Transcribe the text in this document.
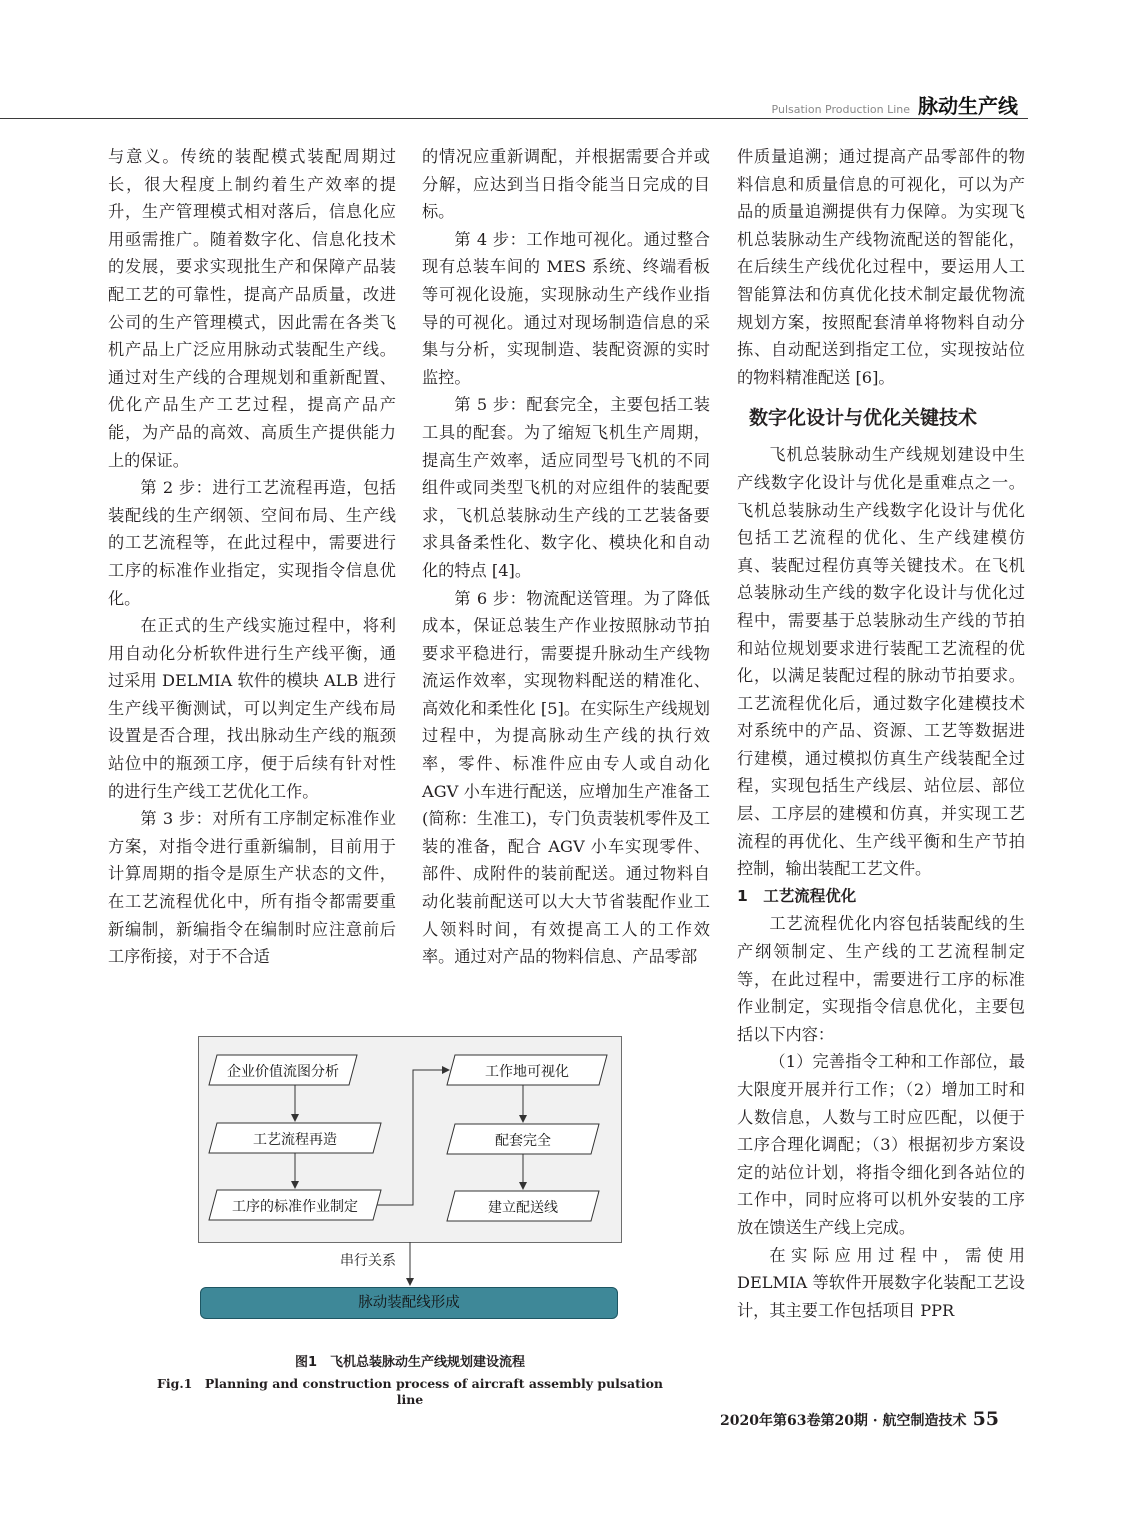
Pulsation Production Line 脉动生产线

与意义。传统的装配模式装配周期过长，很大程度上制约着生产效率的提升，生产管理模式相对落后，信息化应用亟需推广。随着数字化、信息化技术的发展，要求实现批生产和保障产品装配工艺的可靠性，提高产品质量，改进公司的生产管理模式，因此需在各类飞机产品上广泛应用脉动式装配生产线。通过对生产线的合理规划和重新配置、优化产品生产工艺过程，提高产品产能，为产品的高效、高质生产提供能力上的保证。

第 2 步：进行工艺流程再造，包括装配线的生产纲领、空间布局、生产线的工艺流程等，在此过程中，需要进行工序的标准作业指定，实现指令信息优化。

在正式的生产线实施过程中，将利用自动化分析软件进行生产线平衡，通过采用 DELMIA 软件的模块 ALB 进行生产线平衡测试，可以判定生产线布局设置是否合理，找出脉动生产线的瓶颈站位中的瓶颈工序，便于后续有针对性的进行生产线工艺优化工作。

第 3 步：对所有工序制定标准作业方案，对指令进行重新编制，目前用于计算周期的指令是原生产状态的文件，在工艺流程优化中，所有指令都需要重新编制，新编指令在编制时应注意前后工序衔接，对于不合适

的情况应重新调配，并根据需要合并或分解，应达到当日指令能当日完成的目标。

第 4 步：工作地可视化。通过整合现有总装车间的 MES 系统、终端看板等可视化设施，实现脉动生产线作业指导的可视化。通过对现场制造信息的采集与分析，实现制造、装配资源的实时监控。

第 5 步：配套完全，主要包括工装工具的配套。为了缩短飞机生产周期，提高生产效率，适应同型号飞机的不同组件或同类型飞机的对应组件的装配要求，飞机总装脉动生产线的工艺装备要求具备柔性化、数字化、模块化和自动化的特点 [4]。

第 6 步：物流配送管理。为了降低成本，保证总装生产作业按照脉动节拍要求平稳进行，需要提升脉动生产线物流运作效率，实现物料配送的精准化、高效化和柔性化 [5]。在实际生产线规划过程中，为提高脉动生产线的执行效率，零件、标准件应由专人或自动化 AGV 小车进行配送，应增加生产准备工(简称：生准工)，专门负责装机零件及工装的准备，配合 AGV 小车实现零件、部件、成附件的装前配送。通过物料自动化装前配送可以大大节省装配作业工人领料时间，有效提高工人的工作效率。通过对产品的物料信息、产品零部

件质量追溯；通过提高产品零部件的物料信息和质量信息的可视化，可以为产品的质量追溯提供有力保障。为实现飞机总装脉动生产线物流配送的智能化，在后续生产线优化过程中，要运用人工智能算法和仿真优化技术制定最优物流规划方案，按照配套清单将物料自动分拣、自动配送到指定工位，实现按站位的物料精准配送 [6]。

数字化设计与优化关键技术

飞机总装脉动生产线规划建设中生产线数字化设计与优化是重难点之一。飞机总装脉动生产线数字化设计与优化包括工艺流程的优化、生产线建模仿真、装配过程仿真等关键技术。在飞机总装脉动生产线的数字化设计与优化过程中，需要基于总装脉动生产线的节拍和站位规划要求进行装配工艺流程的优化，以满足装配过程的脉动节拍要求。工艺流程优化后，通过数字化建模技术对系统中的产品、资源、工艺等数据进行建模，通过模拟仿真生产线装配全过程，实现包括生产线层、站位层、部位层、工序层的建模和仿真，并实现工艺流程的再优化、生产线平衡和生产节拍控制，输出装配工艺文件。

1　工艺流程优化

工艺流程优化内容包括装配线的生产纲领制定、生产线的工艺流程制定等，在此过程中，需要进行工序的标准作业制定，实现指令信息优化，主要包括以下内容：

（1）完善指令工种和工作部位，最大限度开展并行工作；（2）增加工时和人数信息，人数与工时应匹配，以便于工序合理化调配；（3）根据初步方案设定的站位计划，将指令细化到各站位的工作中，同时应将可以机外安装的工序放在馈送生产线上完成。

在实际应用过程中，需使用 DELMIA 等软件开展数字化装配工艺设计，其主要工作包括项目 PPR

企业价值流图分析
工艺流程再造
工序的标准作业制定
工作地可视化
配套完全
建立配送线
串行关系
脉动装配线形成
图1　飞机总装脉动生产线规划建设流程
Fig.1　Planning and construction process of aircraft assembly pulsation line
2020年第63卷第20期 · 航空制造技术 55
